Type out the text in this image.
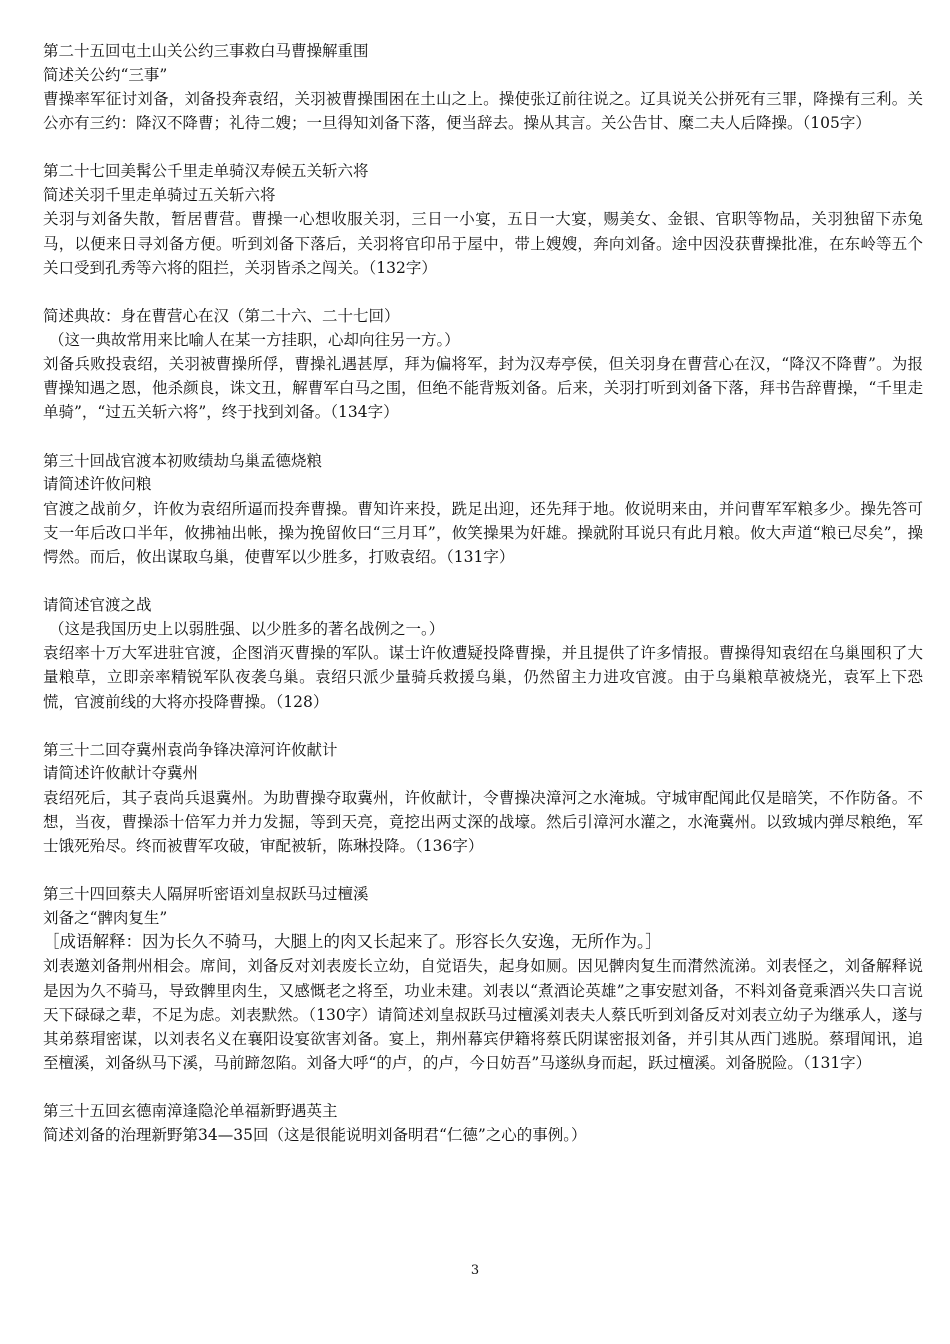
第二十五回屯土山关公约三事救白马曹操解重围

简述关公约“三事”

曹操率军征讨刘备，刘备投奔袁绍，关羽被曹操围困在土山之上。操使张辽前往说之。辽具说关公拼死有三罪，降操有三利。关公亦有三约：降汉不降曹；礼待二嫂；一旦得知刘备下落，便当辞去。操从其言。关公告甘、糜二夫人后降操。（105字）

第二十七回美髯公千里走单骑汉寿候五关斩六将

简述关羽千里走单骑过五关斩六将

关羽与刘备失散，暂居曹营。曹操一心想收服关羽，三日一小宴，五日一大宴，赐美女、金银、官职等物品，关羽独留下赤兔马，以便来日寻刘备方便。听到刘备下落后，关羽将官印吊于屋中，带上嫂嫂，奔向刘备。途中因没获曹操批准，在东岭等五个关口受到孔秀等六将的阻拦，关羽皆杀之闯关。（132字）

简述典故：身在曹营心在汉（第二十六、二十七回）

（这一典故常用来比喻人在某一方挂职，心却向往另一方。）

刘备兵败投袁绍，关羽被曹操所俘，曹操礼遇甚厚，拜为偏将军，封为汉寿亭侯，但关羽身在曹营心在汉，“降汉不降曹”。为报曹操知遇之恩，他杀颜良，诛文丑，解曹军白马之围，但绝不能背叛刘备。后来，关羽打听到刘备下落，拜书告辞曹操，“千里走单骑”，“过五关斩六将”，终于找到刘备。（134字）

第三十回战官渡本初败绩劫乌巢孟德烧粮

请简述许攸问粮

官渡之战前夕，许攸为袁绍所逼而投奔曹操。曹知许来投，跣足出迎，还先拜于地。攸说明来由，并问曹军军粮多少。操先答可支一年后改口半年，攸拂袖出帐，操为挽留攸曰“三月耳”，攸笑操果为奸雄。操就附耳说只有此月粮。攸大声道“粮已尽矣”，操愕然。而后，攸出谋取乌巢，使曹军以少胜多，打败袁绍。（131字）

请简述官渡之战

（这是我国历史上以弱胜强、以少胜多的著名战例之一。）

袁绍率十万大军进驻官渡，企图消灭曹操的军队。谋士许攸遭疑投降曹操，并且提供了许多情报。曹操得知袁绍在乌巢囤积了大量粮草，立即亲率精锐军队夜袭乌巢。袁绍只派少量骑兵救援乌巢，仍然留主力进攻官渡。由于乌巢粮草被烧光，袁军上下恐慌，官渡前线的大将亦投降曹操。（128）

第三十二回夺冀州袁尚争锋决漳河许攸献计

请简述许攸献计夺冀州

袁绍死后，其子袁尚兵退冀州。为助曹操夺取冀州，许攸献计，令曹操决漳河之水淹城。守城审配闻此仅是暗笑，不作防备。不想，当夜，曹操添十倍军力并力发掘，等到天亮，竟挖出两丈深的战壕。然后引漳河水灌之，水淹冀州。以致城内弹尽粮绝，军士饿死殆尽。终而被曹军攻破，审配被斩，陈琳投降。（136字）

第三十四回蔡夫人隔屏听密语刘皇叔跃马过檀溪

刘备之“髀肉复生”

［成语解释：因为长久不骑马，大腿上的肉又长起来了。形容长久安逸，无所作为。］

刘表邀刘备荆州相会。席间，刘备反对刘表废长立幼，自觉语失，起身如厕。因见髀肉复生而潸然流涕。刘表怪之，刘备解释说是因为久不骑马，导致髀里肉生，又感慨老之将至，功业未建。刘表以“煮酒论英雄”之事安慰刘备，不料刘备竟乘酒兴失口言说天下碌碌之辈，不足为虑。刘表默然。（130字）请简述刘皇叔跃马过檀溪刘表夫人蔡氏听到刘备反对刘表立幼子为继承人，遂与其弟蔡瑁密谋，以刘表名义在襄阳设宴欲害刘备。宴上，荆州幕宾伊籍将蔡氏阴谋密报刘备，并引其从西门逃脱。蔡瑁闻讯，追至檀溪，刘备纵马下溪，马前蹄忽陷。刘备大呼“的卢，的卢，今日妨吾”马遂纵身而起，跃过檀溪。刘备脱险。（131字）

第三十五回玄德南漳逢隐沦单福新野遇英主

简述刘备的治理新野第34—35回（这是很能说明刘备明君“仁德”之心的事例。）

3
